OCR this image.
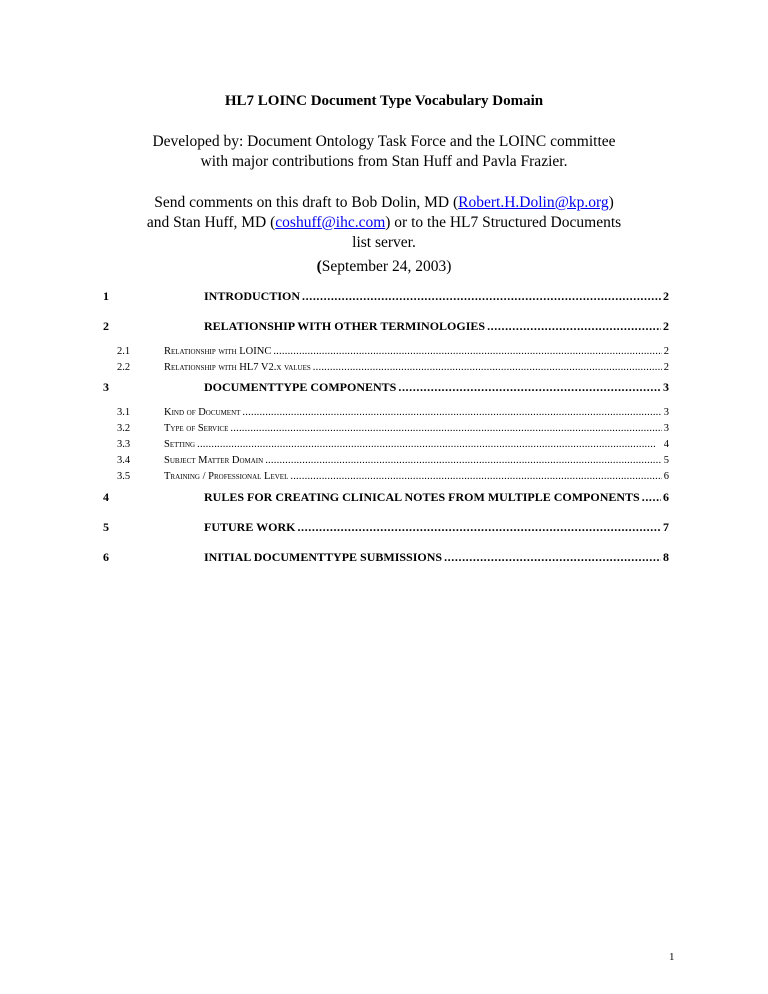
HL7 LOINC Document Type Vocabulary Domain
Developed by: Document Ontology Task Force and the LOINC committee with major contributions from Stan Huff and Pavla Frazier.
Send comments on this draft to Bob Dolin, MD (Robert.H.Dolin@kp.org) and Stan Huff, MD (coshuff@ihc.com) or to the HL7 Structured Documents list server.
(September 24, 2003)
1	INTRODUCTION . . .	2
2	RELATIONSHIP WITH OTHER TERMINOLOGIES . . .	2
2.1	Relationship with LOINC . . .	2
2.2	Relationship with HL7 V2.x values . . .	2
3	DOCUMENTTYPE COMPONENTS . . .	3
3.1	Kind of Document . . .	3
3.2	Type of Service . . .	3
3.3	Setting . . .	4
3.4	Subject Matter Domain . . .	5
3.5	Training / Professional Level . . .	6
4	RULES FOR CREATING CLINICAL NOTES FROM MULTIPLE COMPONENTS . . . 6
5	FUTURE WORK . . .	7
6	INITIAL DOCUMENTTYPE SUBMISSIONS . . .	8
1
